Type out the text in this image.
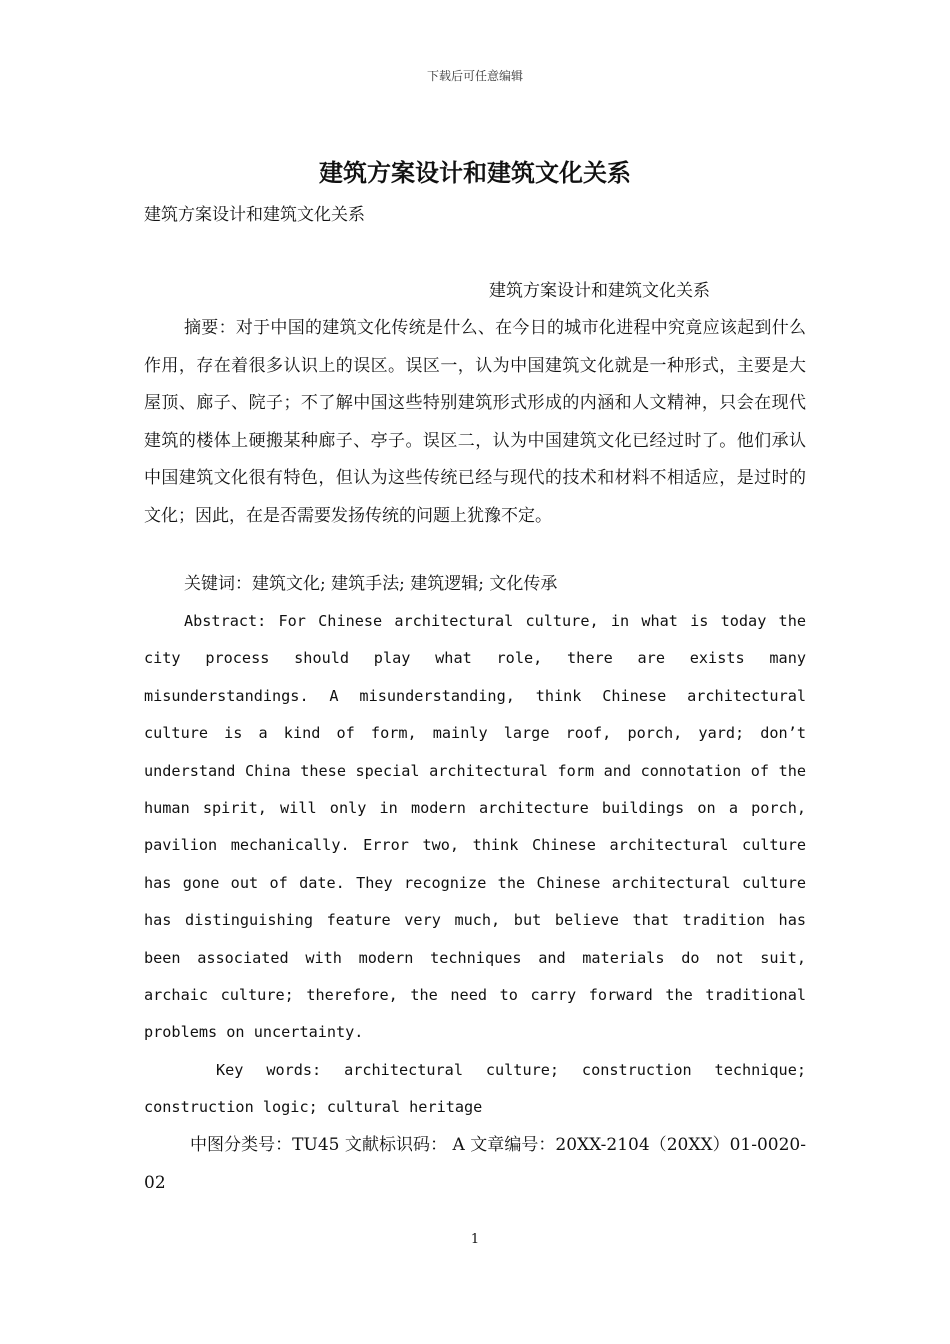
下载后可任意编辑
建筑方案设计和建筑文化关系

建筑方案设计和建筑文化关系

建筑方案设计和建筑文化关系

摘要：对于中国的建筑文化传统是什么、在今日的城市化进程中究竟应该起到什么作用，存在着很多认识上的误区。误区一，认为中国建筑文化就是一种形式，主要是大屋顶、廊子、院子；不了解中国这些特别建筑形式形成的内涵和人文精神，只会在现代建筑的楼体上硬搬某种廊子、亭子。误区二，认为中国建筑文化已经过时了。他们承认中国建筑文化很有特色，但认为这些传统已经与现代的技术和材料不相适应，是过时的文化；因此，在是否需要发扬传统的问题上犹豫不定。

关键词：建筑文化; 建筑手法; 建筑逻辑; 文化传承

Abstract: For Chinese architectural culture, in what is today the city process should play what role, there are exists many misunderstandings. A misunderstanding, think Chinese architectural culture is a kind of form, mainly large roof, porch, yard; don’t understand China these special architectural form and connotation of the human spirit, will only in modern architecture buildings on a porch, pavilion mechanically. Error two, think Chinese architectural culture has gone out of date. They recognize the Chinese architectural culture has distinguishing feature very much, but believe that tradition has been associated with modern techniques and materials do not suit, archaic culture; therefore, the need to carry forward the traditional problems on uncertainty.

Key words: architectural culture; construction technique; construction logic; cultural heritage

中图分类号：TU45 文献标识码： A 文章编号：20XX-2104（20XX）01-0020-02

1
